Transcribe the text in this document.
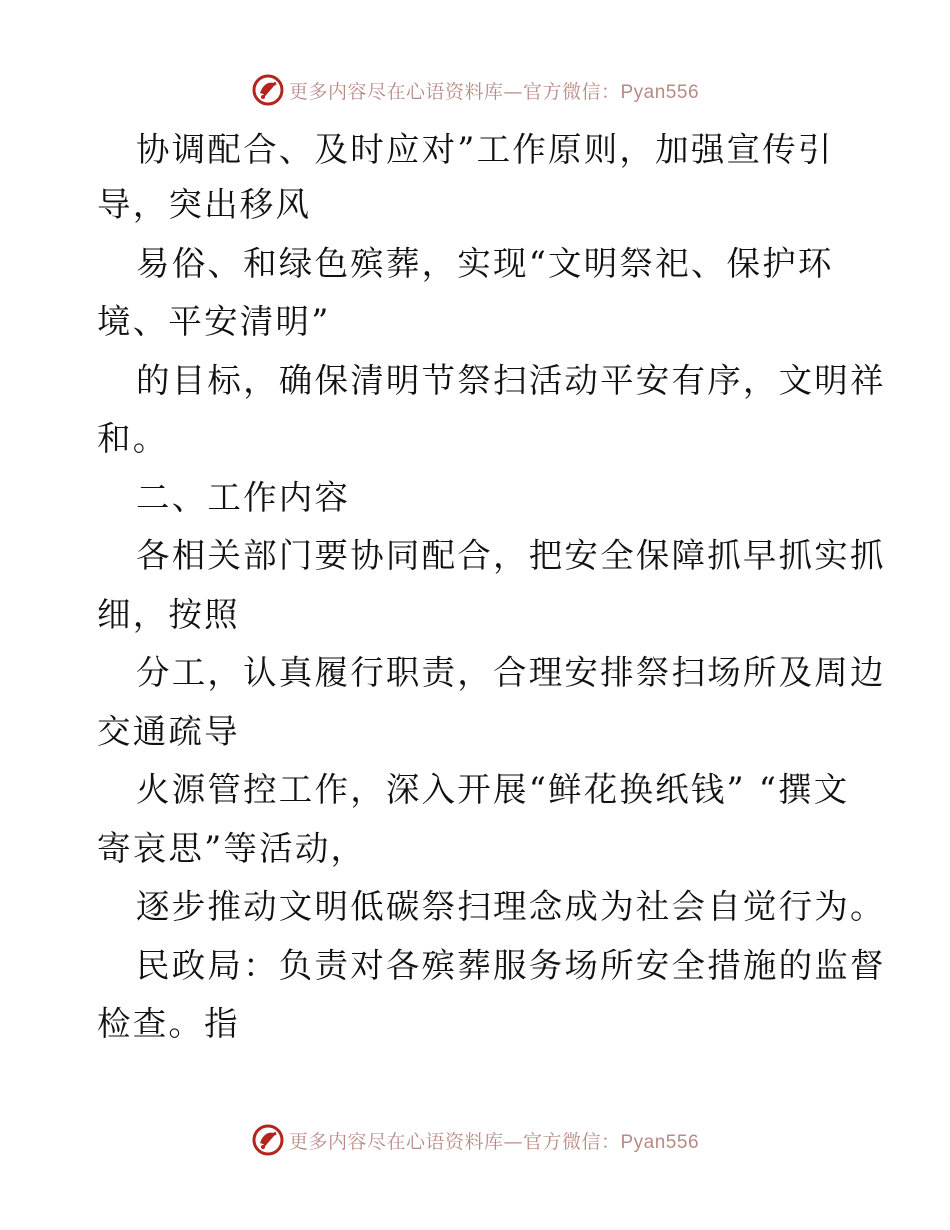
更多内容尽在心语资料库—官方微信：Pyan556
协调配合、及时应对”工作原则，加强宣传引
导，突出移风
易俗、和绿色殡葬，实现“文明祭祀、保护环
境、平安清明”
的目标，确保清明节祭扫活动平安有序，文明祥
和。
二、工作内容
各相关部门要协同配合，把安全保障抓早抓实抓
细，按照
分工，认真履行职责，合理安排祭扫场所及周边
交通疏导
火源管控工作，深入开展“鲜花换纸钱” “撰文
寄哀思”等活动，
逐步推动文明低碳祭扫理念成为社会自觉行为。
民政局：负责对各殡葬服务场所安全措施的监督
检查。指
更多内容尽在心语资料库—官方微信：Pyan556
